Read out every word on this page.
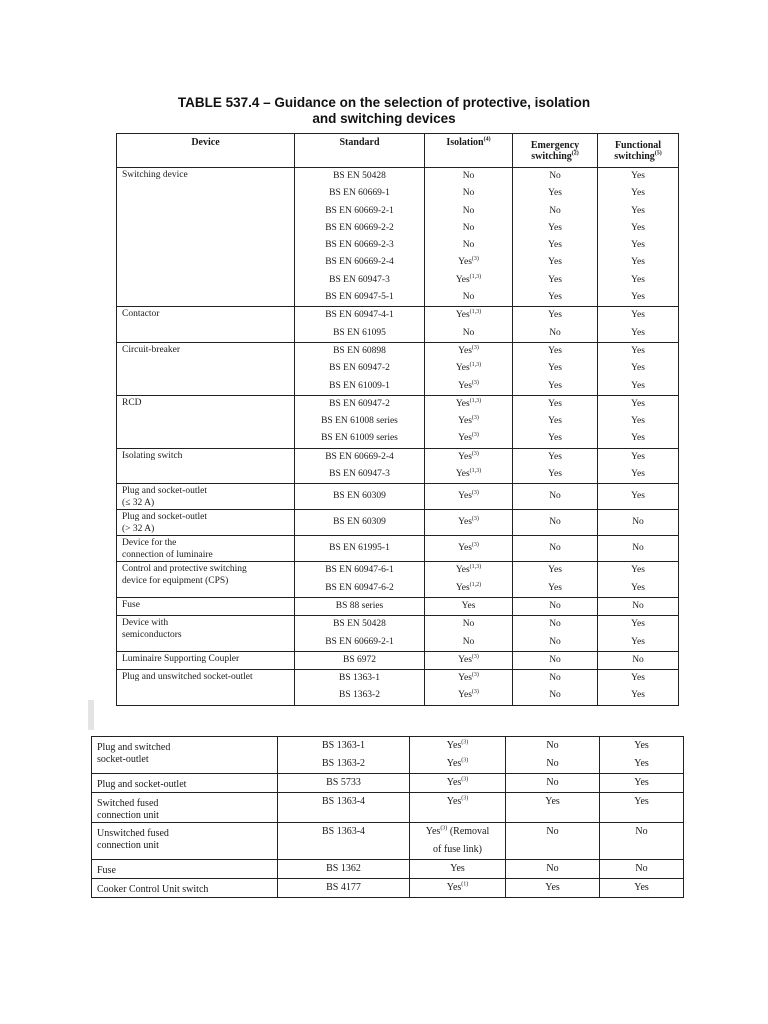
TABLE 537.4 – Guidance on the selection of protective, isolation
and switching devices
Device	Standard	Isolation$^{(4)}$	Emergency
switching$^{(2)}$	Functional
switching$^{(5)}$
Switching device	BS EN 50428	No	No	Yes
	BS EN 60669-1	No	Yes	Yes
	BS EN 60669-2-1	No	No	Yes
	BS EN 60669-2-2	No	Yes	Yes
	BS EN 60669-2-3	No	Yes	Yes
	BS EN 60669-2-4	Yes$^{(3)}$	Yes	Yes
	BS EN 60947-3	Yes$^{(1,3)}$	Yes	Yes
	BS EN 60947-5-1	No	Yes	Yes
Contactor	BS EN 60947-4-1	Yes$^{(1,3)}$	Yes	Yes
	BS EN 61095	No	No	Yes
Circuit-breaker	BS EN 60898	Yes$^{(3)}$	Yes	Yes
	BS EN 60947-2	Yes$^{(1,3)}$	Yes	Yes
	BS EN 61009-1	Yes$^{(3)}$	Yes	Yes
RCD	BS EN 60947-2	Yes$^{(1,3)}$	Yes	Yes
	BS EN 61008 series	Yes$^{(3)}$	Yes	Yes
	BS EN 61009 series	Yes$^{(3)}$	Yes	Yes
Isolating switch	BS EN 60669-2-4	Yes$^{(3)}$	Yes	Yes
	BS EN 60947-3	Yes$^{(1,3)}$	Yes	Yes
Plug and socket-outlet
(≤ 32 A)	BS EN 60309	Yes$^{(3)}$	No	Yes
Plug and socket-outlet
(> 32 A)	BS EN 60309	Yes$^{(3)}$	No	No
Device for the
connection of luminaire	BS EN 61995-1	Yes$^{(3)}$	No	No
Control and protective switching
device for equipment (CPS)	BS EN 60947-6-1	Yes$^{(1,3)}$	Yes	Yes
	BS EN 60947-6-2	Yes$^{(1,2)}$	Yes	Yes
Fuse	BS 88 series	Yes	No	No
Device with
semiconductors	BS EN 50428	No	No	Yes
	BS EN 60669-2-1	No	No	Yes
Luminaire Supporting Coupler	BS 6972	Yes$^{(3)}$	No	No
Plug and unswitched socket-outlet	BS 1363-1	Yes$^{(3)}$	No	Yes
	BS 1363-2	Yes$^{(3)}$	No	Yes
Plug and switched
socket-outlet	BS 1363-1	Yes$^{(3)}$	No	Yes
	BS 1363-2	Yes$^{(3)}$	No	Yes
Plug and socket-outlet	BS 5733	Yes$^{(3)}$	No	Yes
Switched fused
connection unit	BS 1363-4	Yes$^{(3)}$	Yes	Yes
Unswitched fused
connection unit	BS 1363-4	Yes$^{(3)}$ (Removal
of fuse link)	No	No
Fuse	BS 1362	Yes	No	No
Cooker Control Unit switch	BS 4177	Yes$^{(1)}$	Yes	Yes
